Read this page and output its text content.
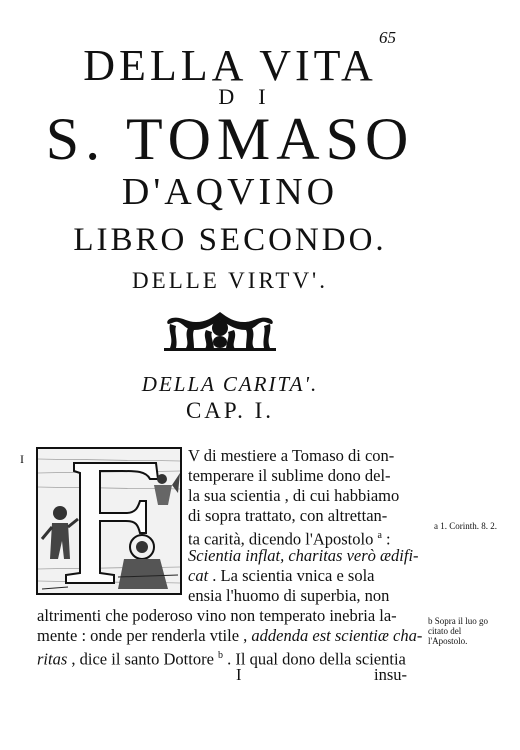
65
DELLA VITA
DI
S. TOMASO
D'AQVINO
LIBRO SECONDO.
DELLE VIRTV'.
DELLA CARITA'.
CAP. I.
I	V di mestiere a Tomaso di con-
temperare il sublime dono del-
la sua scientia , di cui habbiamo
di sopra trattato, con altrettan-
ta carità, dicendo l'Apostolo $^a$ :
Scientia inflat, charitas verò ædifi-
cat . La scientia vnica e sola
ensia l'huomo di superbia, non
altrimenti che poderoso vino non temperato inebria la-
mente : onde per renderla vtile , addenda est scientiæ cha-
ritas , dice il santo Dottore $^b$ . Il qual dono della scientia
a 1. Corinth. 8. 2.
b Sopra il luo go citato del l'Apostolo.
I	insu-
